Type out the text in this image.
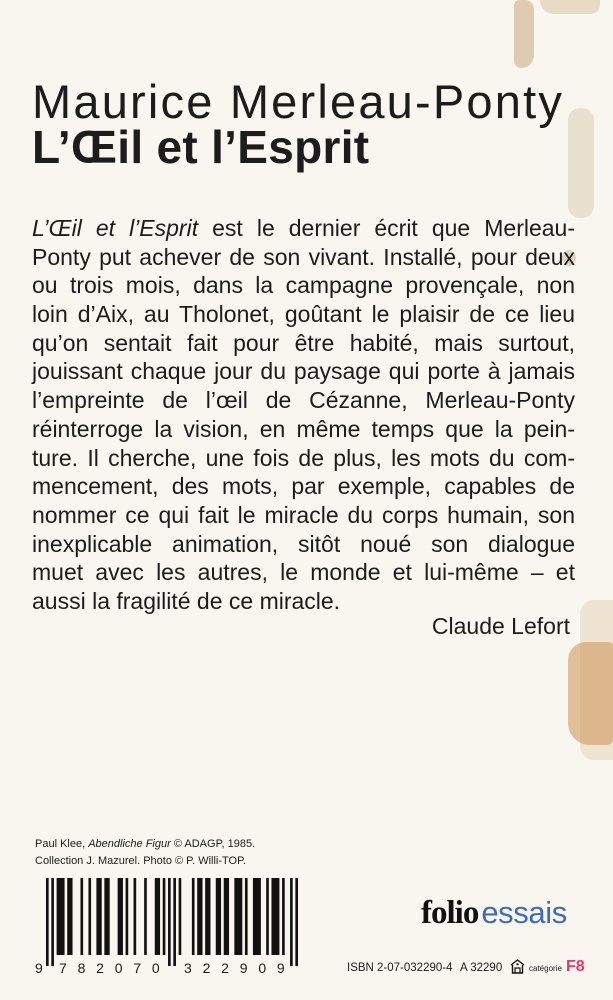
Maurice Merleau-Ponty
L’Œil et l’Esprit
L’Œil et l’Esprit est le dernier écrit que Merleau-
Ponty put achever de son vivant. Installé, pour deux
ou trois mois, dans la campagne provençale, non
loin d’Aix, au Tholonet, goûtant le plaisir de ce lieu
qu’on sentait fait pour être habité, mais surtout,
jouissant chaque jour du paysage qui porte à jamais
l’empreinte de l’œil de Cézanne, Merleau-Ponty
réinterroge la vision, en même temps que la pein-
ture. Il cherche, une fois de plus, les mots du com-
mencement, des mots, par exemple, capables de
nommer ce qui fait le miracle du corps humain, son
inexplicable animation, sitôt noué son dialogue
muet avec les autres, le monde et lui-même – et
aussi la fragilité de ce miracle.
Claude Lefort
Paul Klee, Abendliche Figur © ADAGP, 1985.
Collection J. Mazurel. Photo © P. Willi-TOP.
9 782070 322909
folio essais
ISBN 2-07-032290-4 A 32290	catégorie F8
